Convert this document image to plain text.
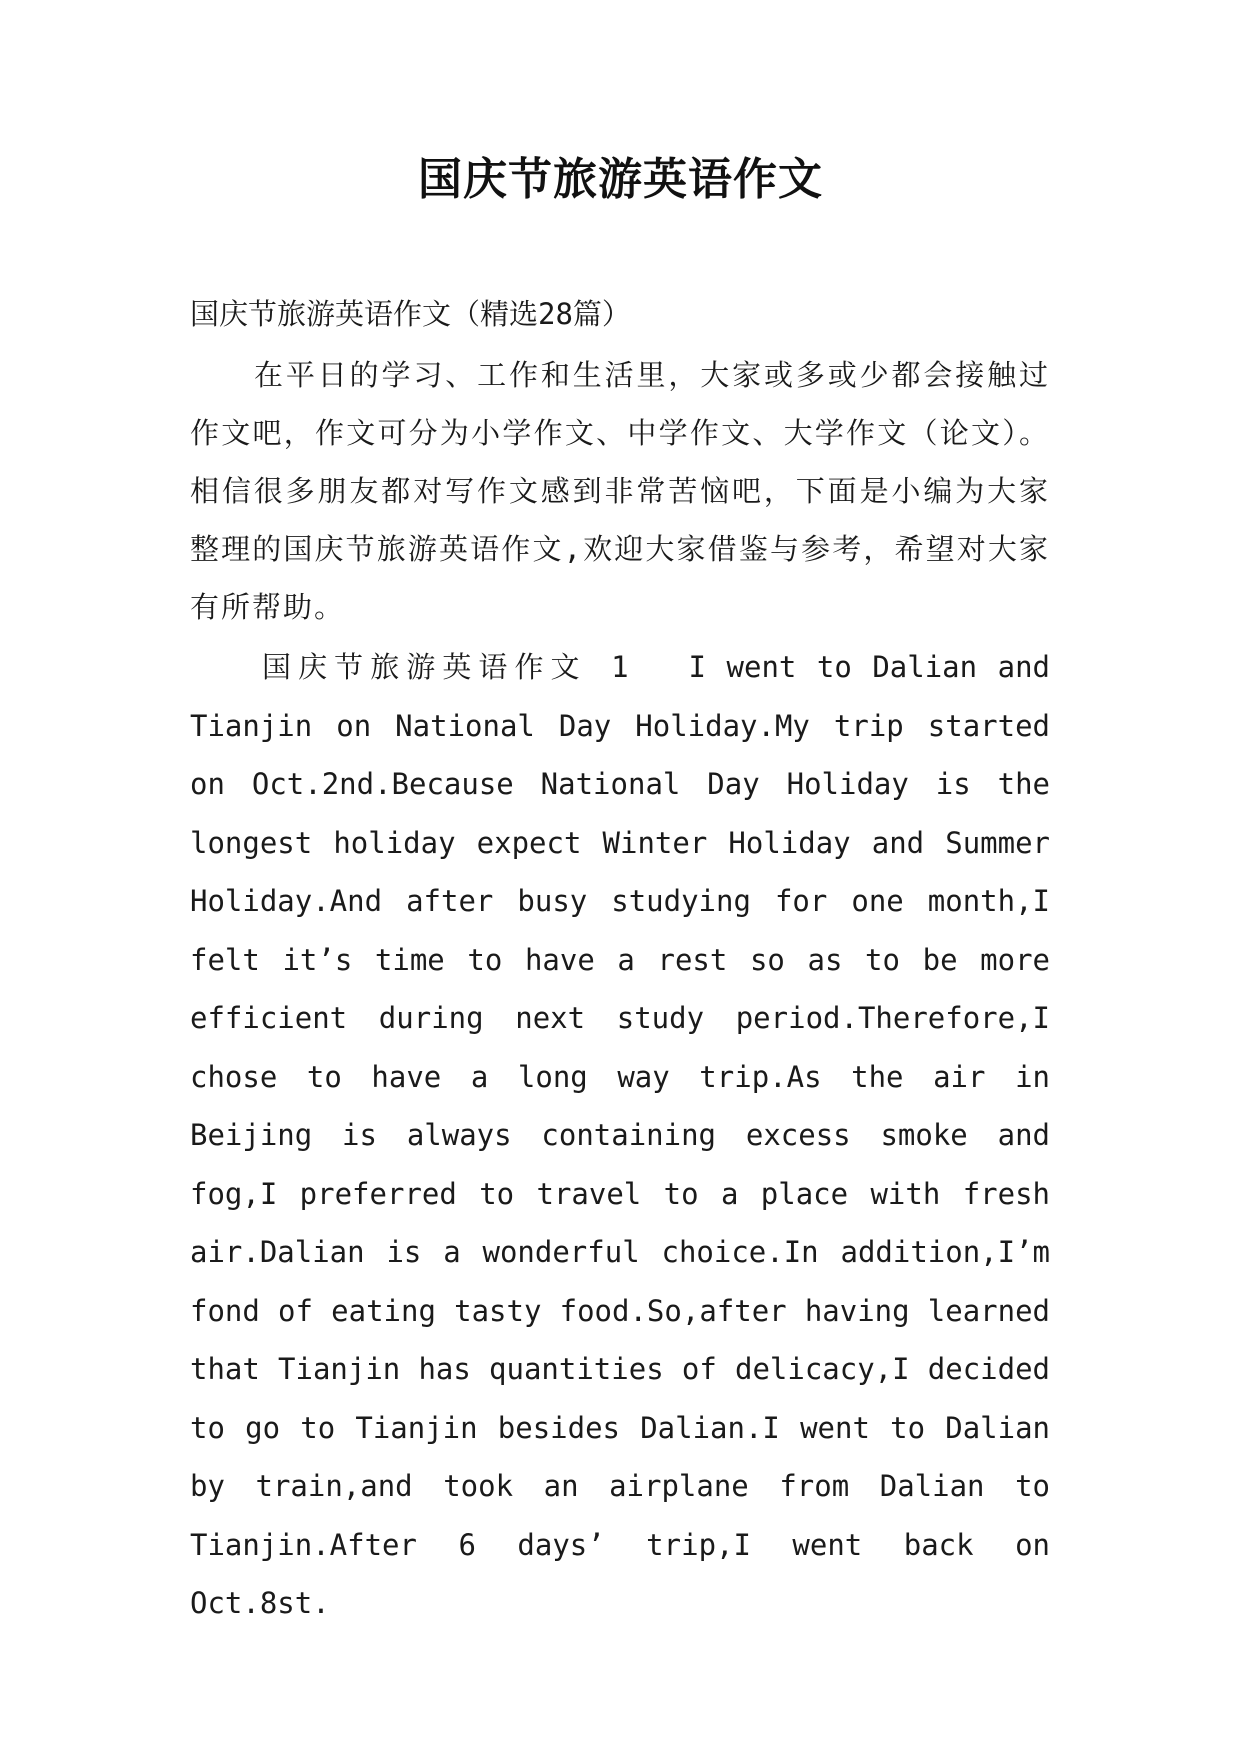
国庆节旅游英语作文
国庆节旅游英语作文（精选28篇）

在平日的学习、工作和生活里，大家或多或少都会接触过作文吧，作文可分为小学作文、中学作文、大学作文（论文）。相信很多朋友都对写作文感到非常苦恼吧，下面是小编为大家整理的国庆节旅游英语作文,欢迎大家借鉴与参考，希望对大家有所帮助。

国庆节旅游英语作文 1 I went to Dalian and Tianjin on National Day Holiday.My trip started on Oct.2nd.Because National Day Holiday is the longest holiday expect Winter Holiday and Summer Holiday.And after busy studying for one month,I felt it’s time to have a rest so as to be more efficient during next study period.Therefore,I chose to have a long way trip.As the air in Beijing is always containing excess smoke and fog,I preferred to travel to a place with fresh air.Dalian is a wonderful choice.In addition,I’m fond of eating tasty food.So,after having learned that Tianjin has quantities of delicacy,I decided to go to Tianjin besides Dalian.I went to Dalian by train,and took an airplane from Dalian to Tianjin.After 6 days’ trip,I went back on Oct.8st.
